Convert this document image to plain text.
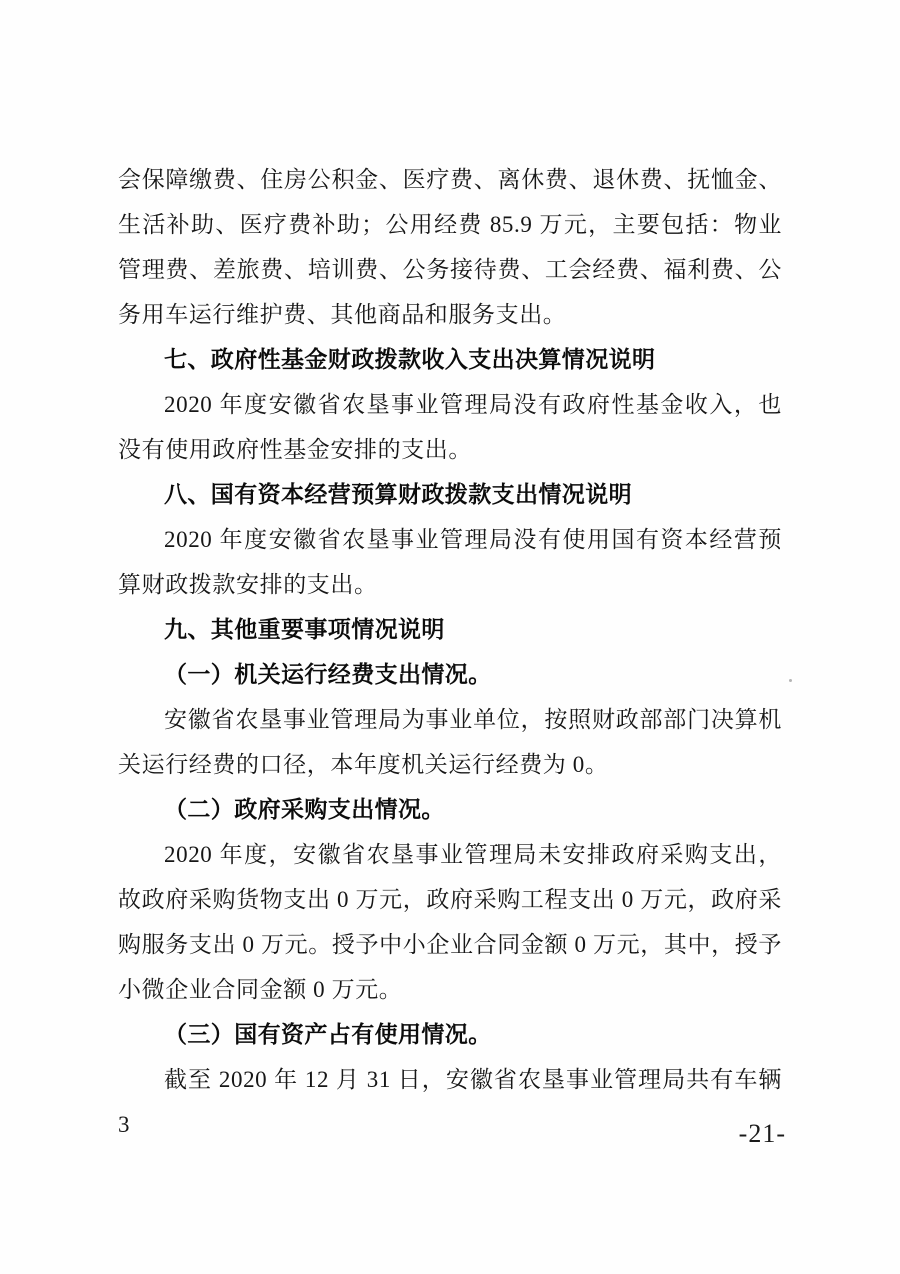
会保障缴费、住房公积金、医疗费、离休费、退休费、抚恤金、生活补助、医疗费补助；公用经费 85.9 万元，主要包括：物业管理费、差旅费、培训费、公务接待费、工会经费、福利费、公务用车运行维护费、其他商品和服务支出。

七、政府性基金财政拨款收入支出决算情况说明

2020 年度安徽省农垦事业管理局没有政府性基金收入，也没有使用政府性基金安排的支出。

八、国有资本经营预算财政拨款支出情况说明

2020 年度安徽省农垦事业管理局没有使用国有资本经营预算财政拨款安排的支出。

九、其他重要事项情况说明
（一）机关运行经费支出情况。

安徽省农垦事业管理局为事业单位，按照财政部部门决算机关运行经费的口径，本年度机关运行经费为 0。

（二）政府采购支出情况。

2020 年度，安徽省农垦事业管理局未安排政府采购支出，故政府采购货物支出 0 万元，政府采购工程支出 0 万元，政府采购服务支出 0 万元。授予中小企业合同金额 0 万元，其中，授予小微企业合同金额 0 万元。

（三）国有资产占有使用情况。

截至 2020 年 12 月 31 日，安徽省农垦事业管理局共有车辆 3	-21-
